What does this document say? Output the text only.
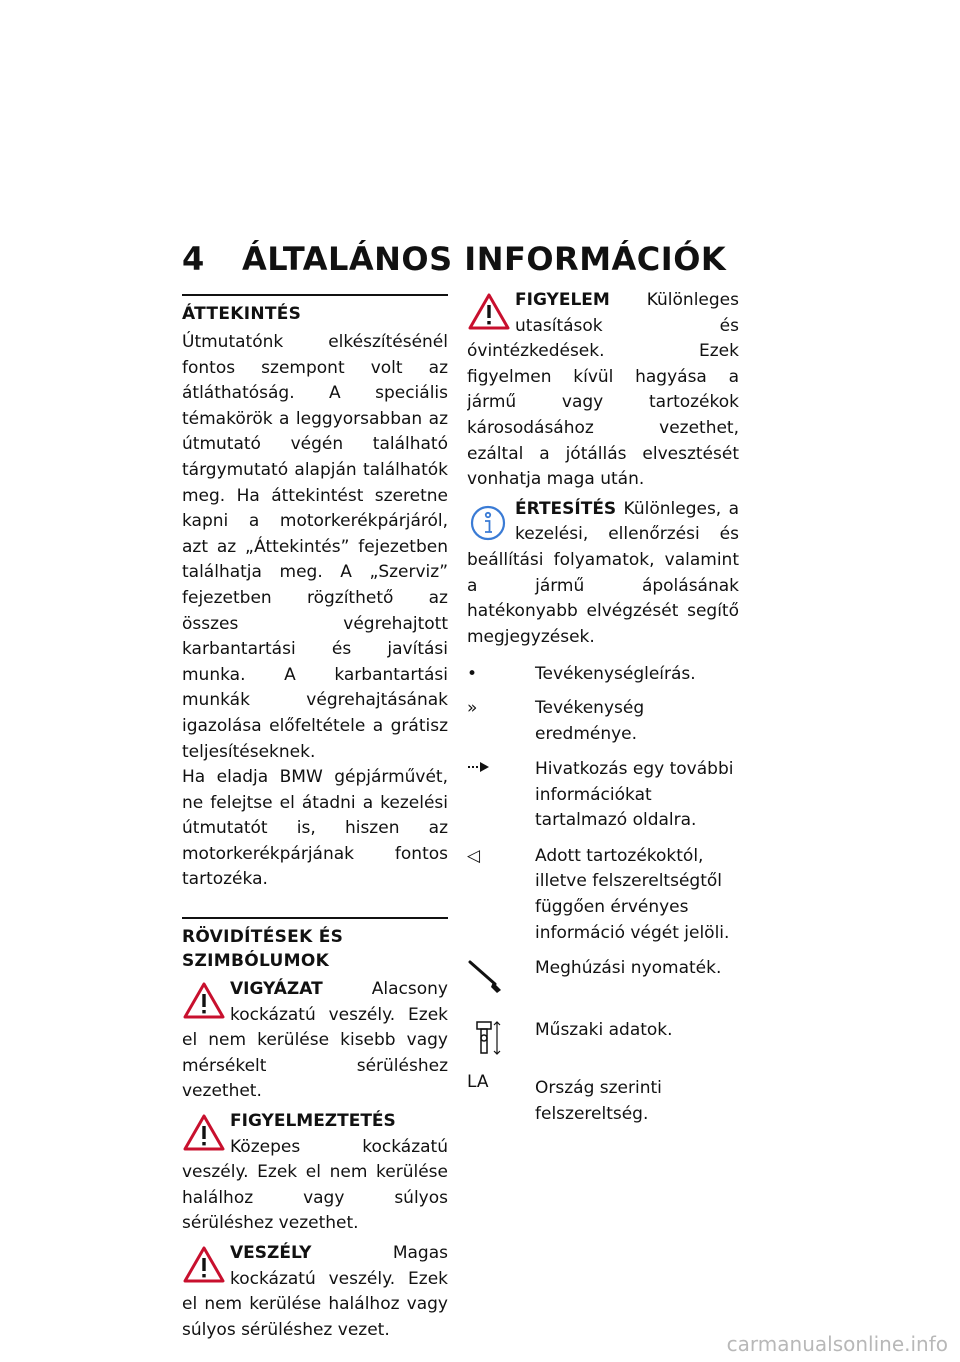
4 ÁLTALÁNOS INFORMÁCIÓK
ÁTTEKINTÉS

Útmutatónk elkészítésénél fontos szempont volt az átláthatóság. A speciális témakörök a leggyorsabban az útmutató végén található tárgymutató alapján találhatók meg. Ha áttekintést szeretne kapni a motorkerékpárjáról, azt az „Áttekintés” fejezetben találhatja meg. A „Szerviz” fejezetben rögzíthető az összes végrehajtott karbantartási és javítási munka. A karbantartási munkák végrehajtásának igazolása előfeltétele a grátisz teljesítéseknek.

Ha eladja BMW gépjárművét, ne felejtse el átadni a kezelési útmutatót is, hiszen az motorkerékpárjának fontos tartozéka.

RÖVIDÍTÉSEK ÉS SZIMBÓLUMOK

VIGYÁZAT Alacsony kockázatú veszély. Ezek el nem kerülése kisebb vagy mérsékelt sérüléshez vezethet.

FIGYELMEZTETÉS Közepes kockázatú veszély. Ezek el nem kerülése halálhoz vagy súlyos sérüléshez vezethet.

VESZÉLY Magas kockázatú veszély. Ezek el nem kerülése halálhoz vagy súlyos sérüléshez vezet.

FIGYELEM Különleges utasítások és óvintézkedések. Ezek figyelmen kívül hagyása a jármű vagy tartozékok károsodásához vezethet, ezáltal a jótállás elvesztését vonhatja maga után.

ÉRTESÍTÉS Különleges, a kezelési, ellenőrzési és beállítási folyamatok, valamint a jármű ápolásának hatékonyabb elvégzését segítő megjegyzések.

•	Tevékenységleírás.
»	Tevékenység eredménye.
Hivatkozás egy további információkat tartalmazó oldalra.
◁	Adott tartozékoktól, illetve felszereltségtől függően érvényes információ végét jelöli.
Meghúzási nyomaték.
Műszaki adatok.
LA	Ország szerinti felszereltség.
carmanualsonline.info
